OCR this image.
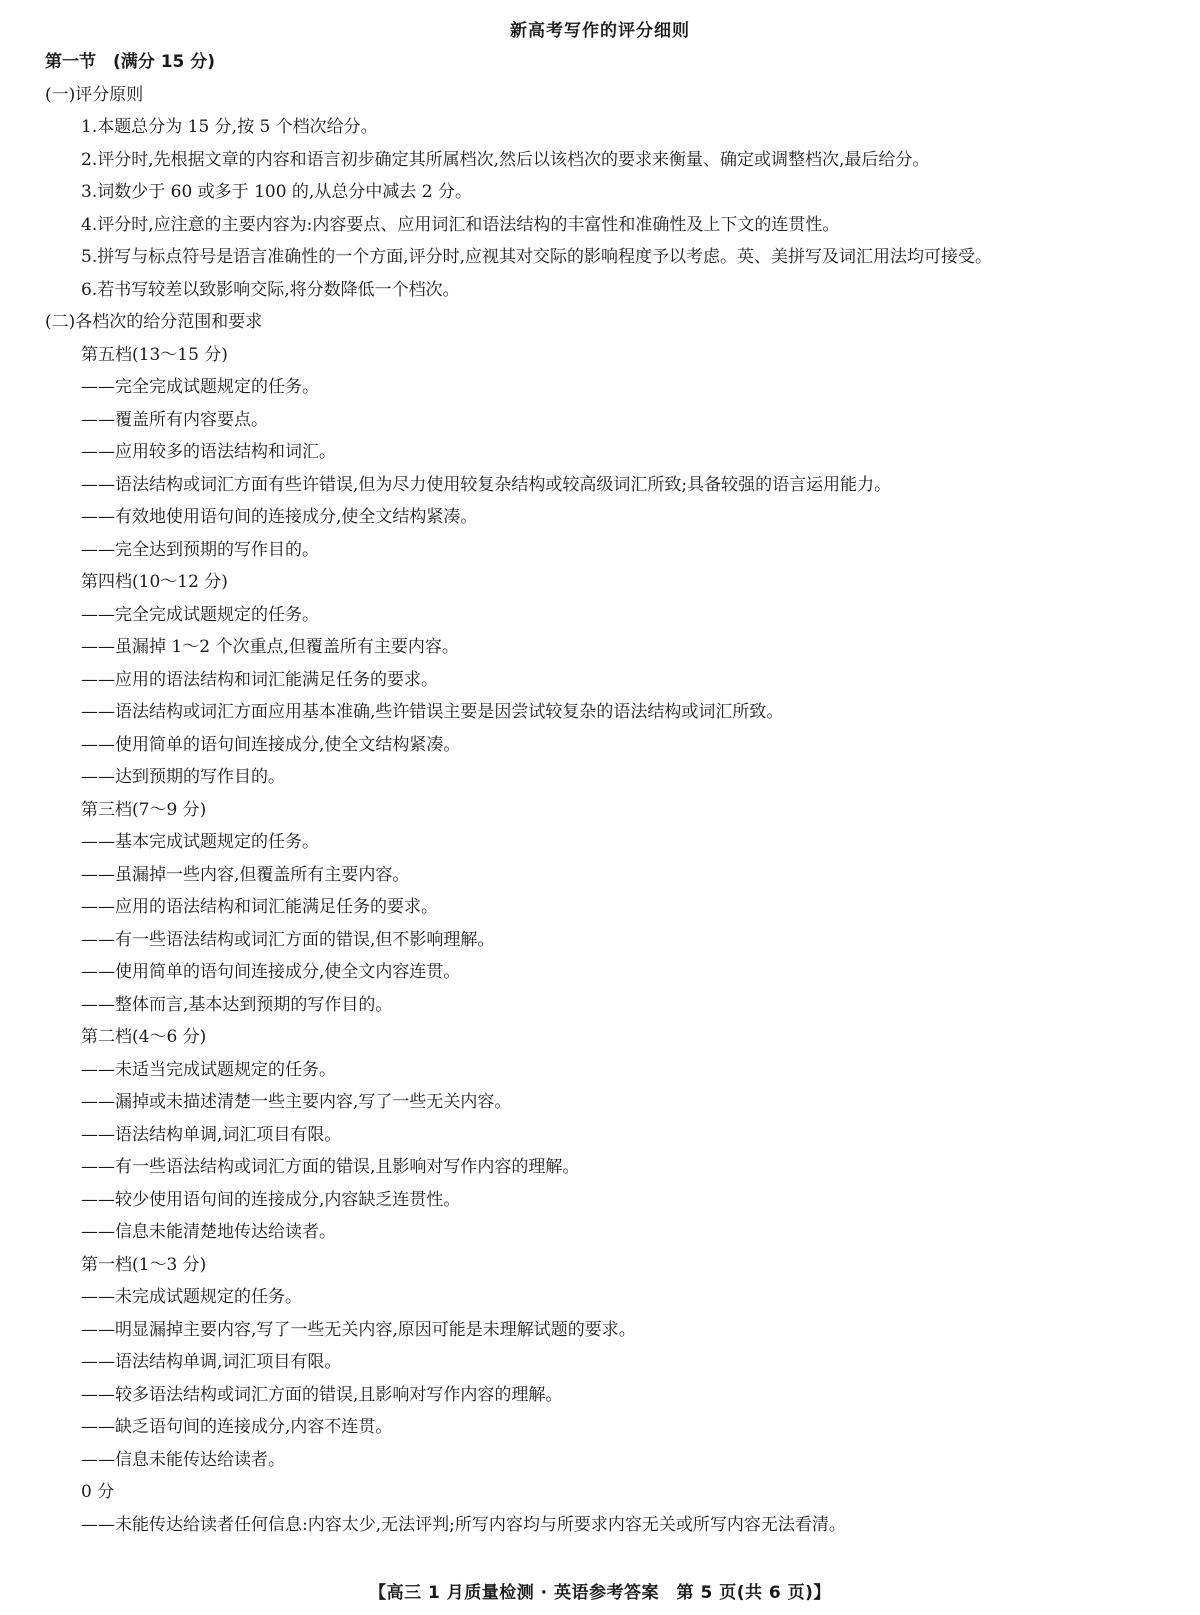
新高考写作的评分细则
第一节　(满分 15 分)
(一)评分原则
1.本题总分为 15 分,按 5 个档次给分。
2.评分时,先根据文章的内容和语言初步确定其所属档次,然后以该档次的要求来衡量、确定或调整档次,最后给分。
3.词数少于 60 或多于 100 的,从总分中减去 2 分。
4.评分时,应注意的主要内容为:内容要点、应用词汇和语法结构的丰富性和准确性及上下文的连贯性。
5.拼写与标点符号是语言准确性的一个方面,评分时,应视其对交际的影响程度予以考虑。英、美拼写及词汇用法均可接受。
6.若书写较差以致影响交际,将分数降低一个档次。
(二)各档次的给分范围和要求
第五档(13～15 分)
——完全完成试题规定的任务。
——覆盖所有内容要点。
——应用较多的语法结构和词汇。
——语法结构或词汇方面有些许错误,但为尽力使用较复杂结构或较高级词汇所致;具备较强的语言运用能力。
——有效地使用语句间的连接成分,使全文结构紧凑。
——完全达到预期的写作目的。
第四档(10～12 分)
——完全完成试题规定的任务。
——虽漏掉 1～2 个次重点,但覆盖所有主要内容。
——应用的语法结构和词汇能满足任务的要求。
——语法结构或词汇方面应用基本准确,些许错误主要是因尝试较复杂的语法结构或词汇所致。
——使用简单的语句间连接成分,使全文结构紧凑。
——达到预期的写作目的。
第三档(7～9 分)
——基本完成试题规定的任务。
——虽漏掉一些内容,但覆盖所有主要内容。
——应用的语法结构和词汇能满足任务的要求。
——有一些语法结构或词汇方面的错误,但不影响理解。
——使用简单的语句间连接成分,使全文内容连贯。
——整体而言,基本达到预期的写作目的。
第二档(4～6 分)
——未适当完成试题规定的任务。
——漏掉或未描述清楚一些主要内容,写了一些无关内容。
——语法结构单调,词汇项目有限。
——有一些语法结构或词汇方面的错误,且影响对写作内容的理解。
——较少使用语句间的连接成分,内容缺乏连贯性。
——信息未能清楚地传达给读者。
第一档(1～3 分)
——未完成试题规定的任务。
——明显漏掉主要内容,写了一些无关内容,原因可能是未理解试题的要求。
——语法结构单调,词汇项目有限。
——较多语法结构或词汇方面的错误,且影响对写作内容的理解。
——缺乏语句间的连接成分,内容不连贯。
——信息未能传达给读者。
0 分
——未能传达给读者任何信息:内容太少,无法评判;所写内容均与所要求内容无关或所写内容无法看清。
【高三 1 月质量检测 · 英语参考答案　第 5 页(共 6 页)】
